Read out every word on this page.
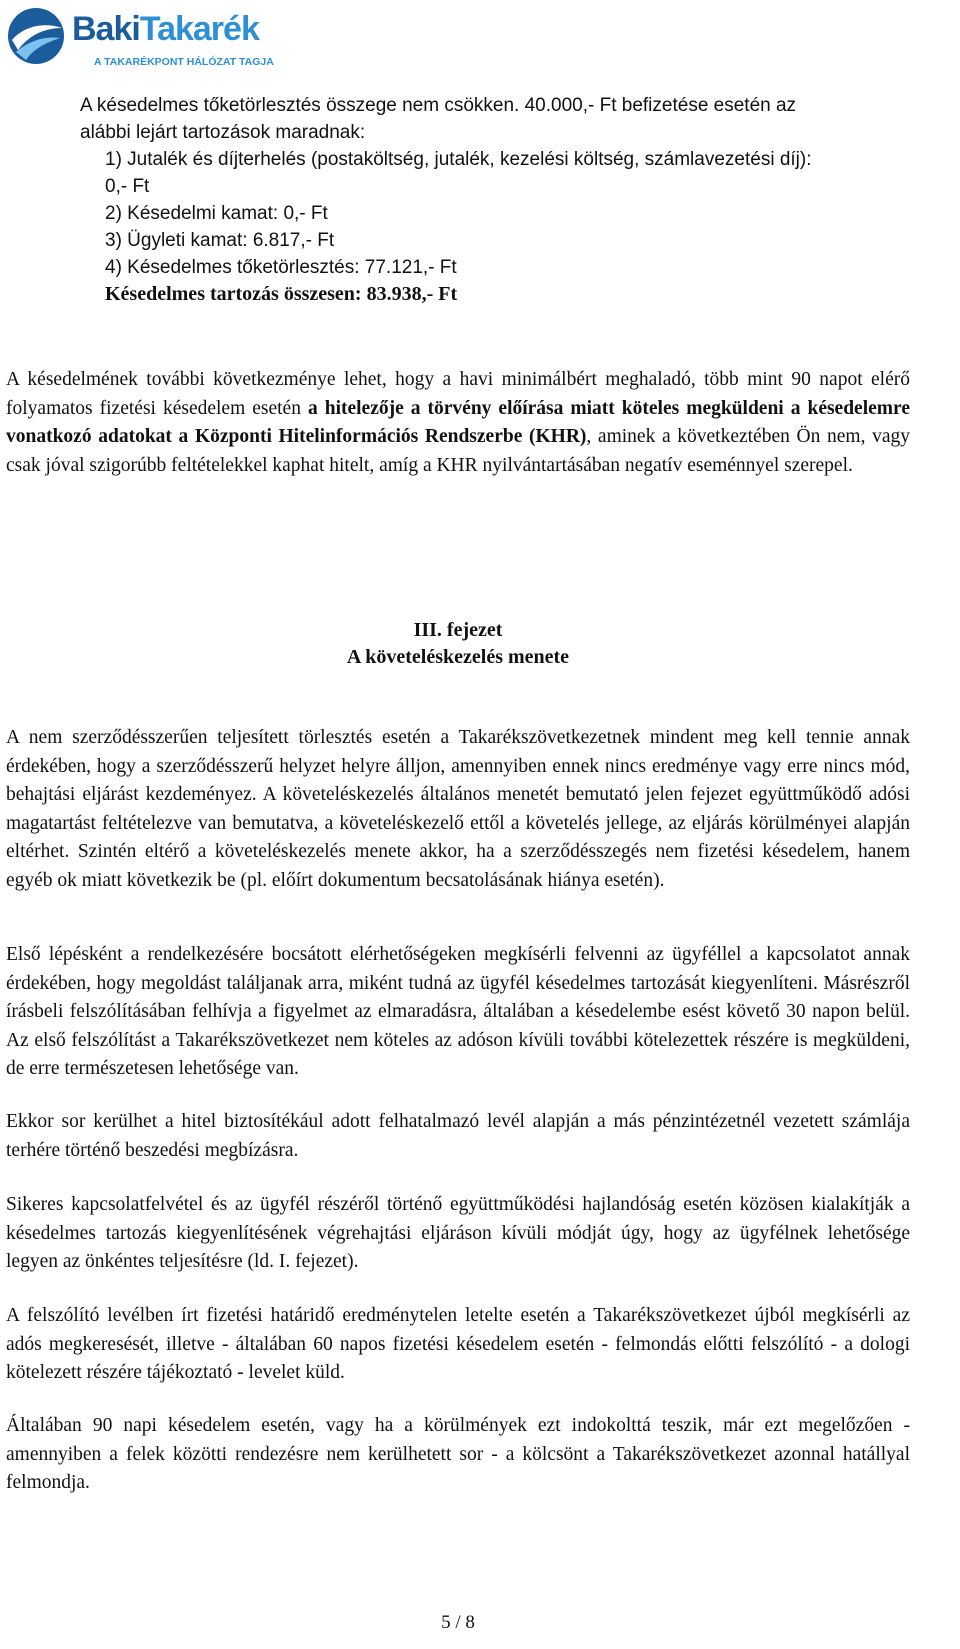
BakiTakarék
A TAKARÉKPONT HÁLÓZAT TAGJA

A késedelmes tőketörlesztés összege nem csökken. 40.000,- Ft befizetése esetén az

alábbi lejárt tartozások maradnak:

1) Jutalék és díjterhelés (postaköltség, jutalék, kezelési költség, számlavezetési díj):

0,- Ft

2) Késedelmi kamat: 0,- Ft

3) Ügyleti kamat: 6.817,- Ft

4) Késedelmes tőketörlesztés: 77.121,- Ft

Késedelmes tartozás összesen: 83.938,- Ft

A késedelmének további következménye lehet, hogy a havi minimálbért meghaladó, több mint 90 napot elérő folyamatos fizetési késedelem esetén a hitelezője a törvény előírása miatt köteles megküldeni a késedelemre vonatkozó adatokat a Központi Hitelinformációs Rendszerbe (KHR), aminek a következtében Ön nem, vagy csak jóval szigorúbb feltételekkel kaphat hitelt, amíg a KHR nyilvántartásában negatív eseménnyel szerepel.

III. fejezet

A követeléskezelés menete

A nem szerződésszerűen teljesített törlesztés esetén a Takarékszövetkezetnek mindent meg kell tennie annak érdekében, hogy a szerződésszerű helyzet helyre álljon, amennyiben ennek nincs eredménye vagy erre nincs mód, behajtási eljárást kezdeményez. A követeléskezelés általános menetét bemutató jelen fejezet együttműködő adósi magatartást feltételezve van bemutatva, a követeléskezelő ettől a követelés jellege, az eljárás körülményei alapján eltérhet. Szintén eltérő a követeléskezelés menete akkor, ha a szerződésszegés nem fizetési késedelem, hanem egyéb ok miatt következik be (pl. előírt dokumentum becsatolásának hiánya esetén).

Első lépésként a rendelkezésére bocsátott elérhetőségeken megkísérli felvenni az ügyféllel a kapcsolatot annak érdekében, hogy megoldást találjanak arra, miként tudná az ügyfél késedelmes tartozását kiegyenlíteni. Másrészről írásbeli felszólításában felhívja a figyelmet az elmaradásra, általában a késedelembe esést követő 30 napon belül. Az első felszólítást a Takarékszövetkezet nem köteles az adóson kívüli további kötelezettek részére is megküldeni, de erre természetesen lehetősége van.

Ekkor sor kerülhet a hitel biztosítékául adott felhatalmazó levél alapján a más pénzintézetnél vezetett számlája terhére történő beszedési megbízásra.

Sikeres kapcsolatfelvétel és az ügyfél részéről történő együttműködési hajlandóság esetén közösen kialakítják a késedelmes tartozás kiegyenlítésének végrehajtási eljáráson kívüli módját úgy, hogy az ügyfélnek lehetősége legyen az önkéntes teljesítésre (ld. I. fejezet).

A felszólító levélben írt fizetési határidő eredménytelen letelte esetén a Takarékszövetkezet újból megkísérli az adós megkeresését, illetve - általában 60 napos fizetési késedelem esetén - felmondás előtti felszólító - a dologi kötelezett részére tájékoztató - levelet küld.

Általában 90 napi késedelem esetén, vagy ha a körülmények ezt indokolttá teszik, már ezt megelőzően - amennyiben a felek közötti rendezésre nem kerülhetett sor - a kölcsönt a Takarékszövetkezet azonnal hatállyal felmondja.

5 / 8
